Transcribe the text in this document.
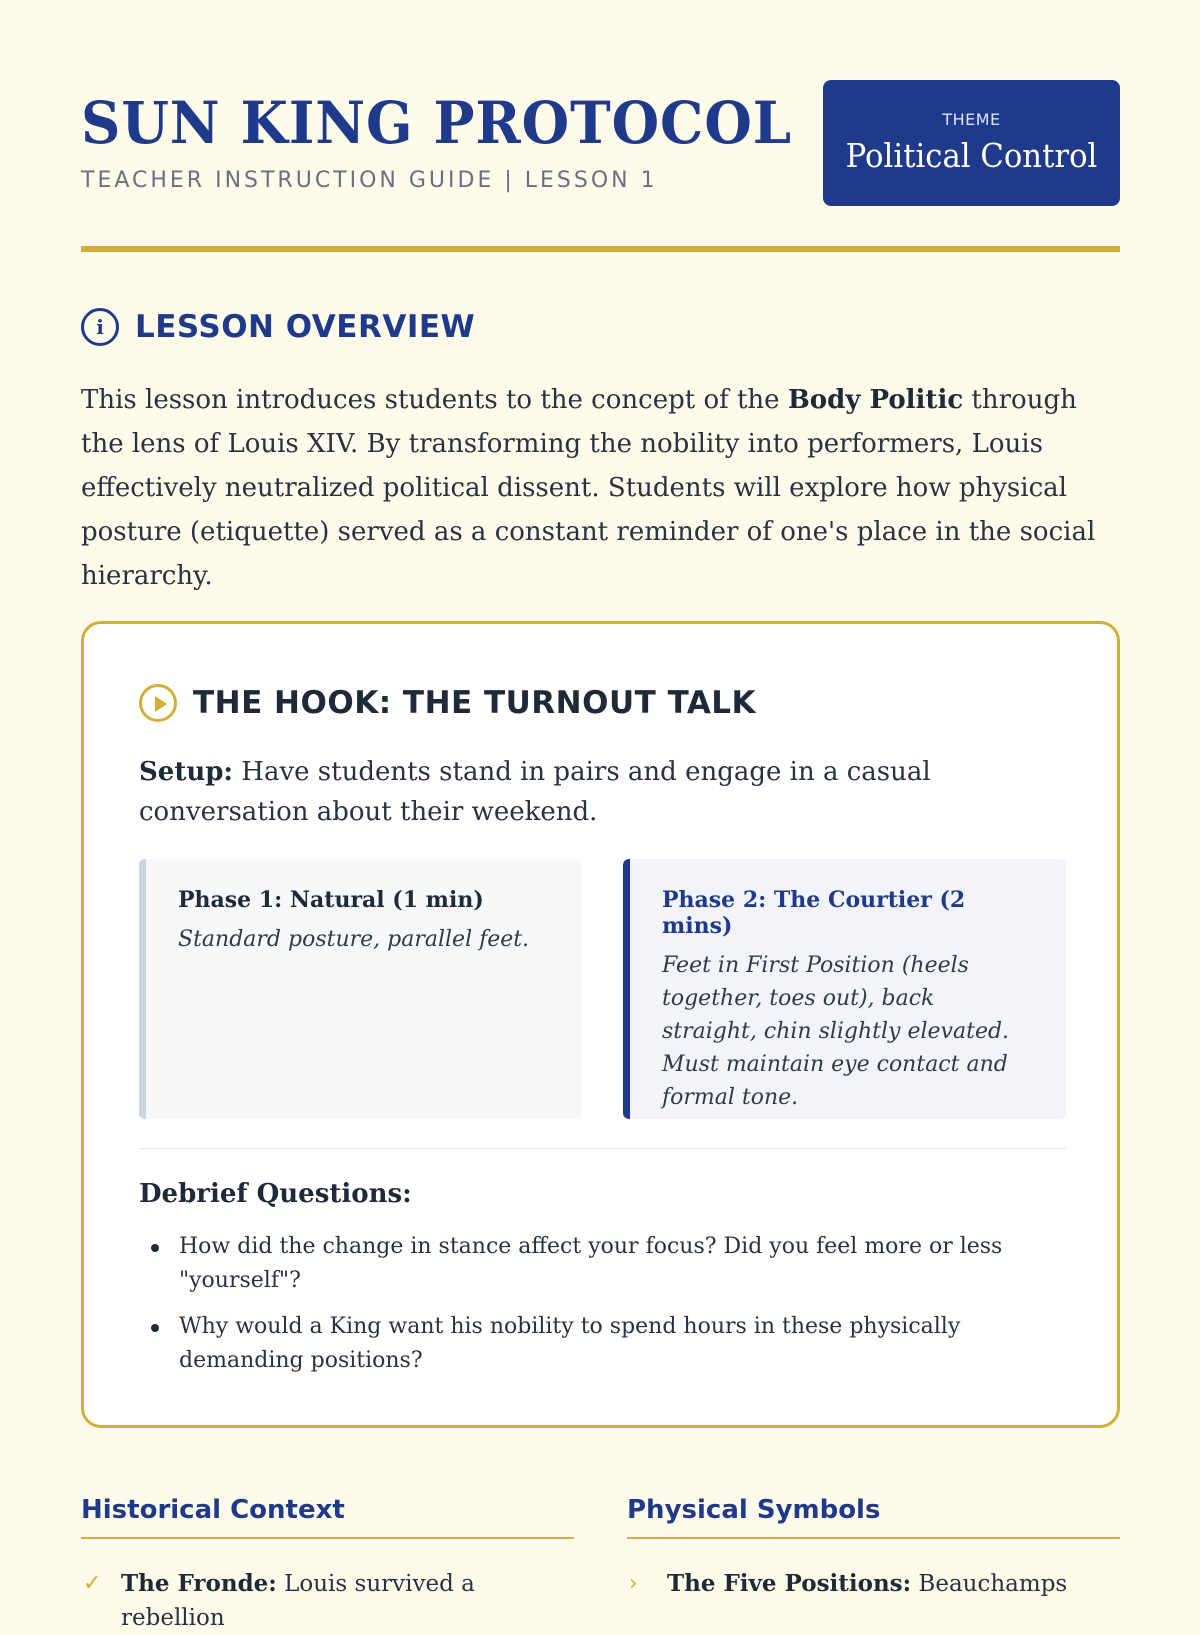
SUN KING PROTOCOL
TEACHER INSTRUCTION GUIDE | LESSON 1
THEME
Political Control
i	LESSON OVERVIEW

This lesson introduces students to the concept of the Body Politic through the lens of Louis XIV. By transforming the nobility into performers, Louis effectively neutralized political dissent. Students will explore how physical posture (etiquette) served as a constant reminder of one's place in the social hierarchy.

THE HOOK: THE TURNOUT TALK

Setup: Have students stand in pairs and engage in a casual conversation about their weekend.

Phase 1: Natural (1 min)
Standard posture, parallel feet.
Phase 2: The Courtier (2 mins)
Feet in First Position (heels together, toes out), back straight, chin slightly elevated. Must maintain eye contact and formal tone.
Debrief Questions:
How did the change in stance affect your focus? Did you feel more or less "yourself"?
Why would a King want his nobility to spend hours in these physically demanding positions?
Historical Context
✓ The Fronde: Louis survived a rebellion
Physical Symbols
› The Five Positions: Beauchamps
